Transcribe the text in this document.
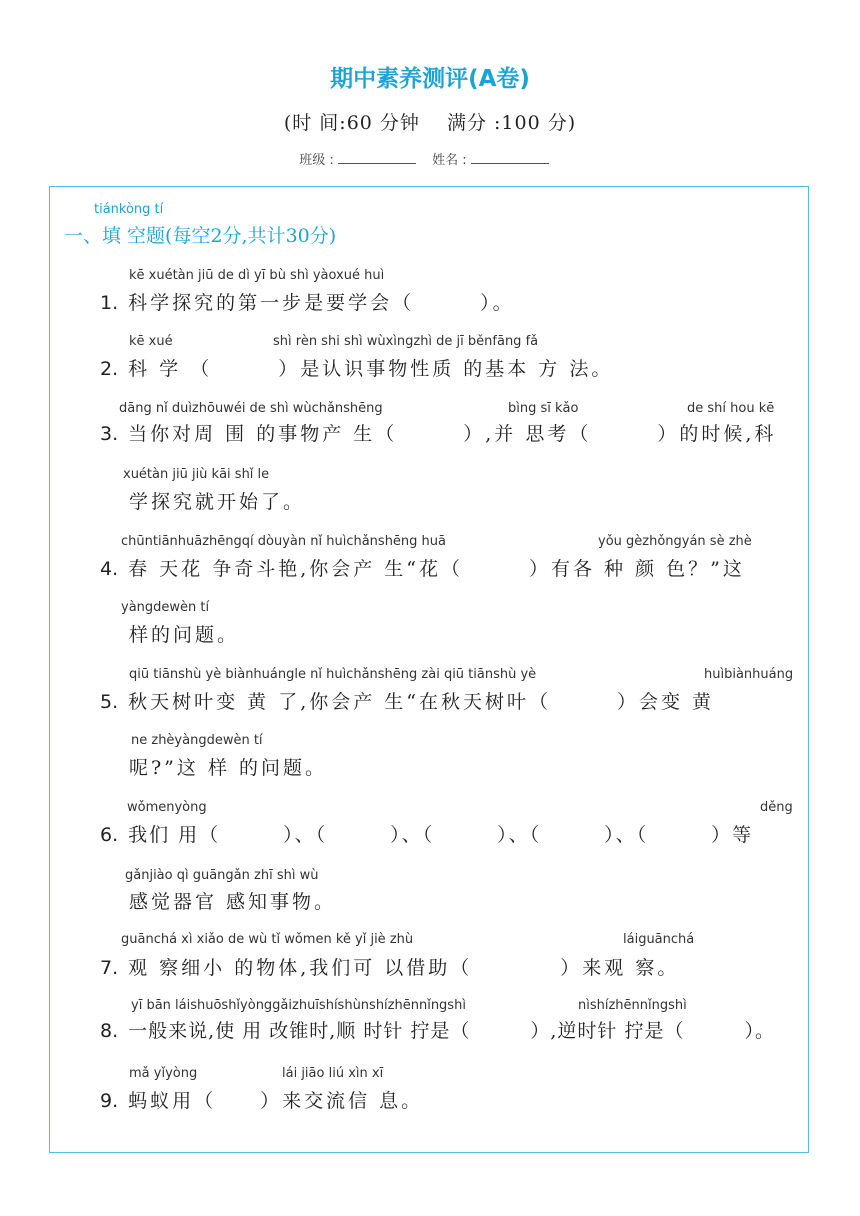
期中素养测评(A卷)
(时 间:60 分钟　 满分 :100 分)
班级 :	姓名 :
tiánkòng tí
一、填 空题(每空2分,共计30分)
kē xuétàn jiū de dì yī bù shì yàoxué huì
1. 科学探究的第一步是要学会（　　　）。
kē xué	shì rèn shi shì wùxìngzhì de jī běnfāng fǎ
2. 科 学 （　　　）是认识事物性质 的基本 方 法。
dāng nǐ duìzhōuwéi de shì wùchǎnshēng	bìng sī kǎo	de shí hou kē
3. 当你对周 围 的事物产 生（　　　）,并 思考（　　　）的时候,科
xuétàn jiū jiù kāi shǐ le
学探究就开始了。
chūntiānhuāzhēngqí dòuyàn nǐ huìchǎnshēng huā	yǒu gèzhǒngyán sè zhè
4. 春 天花 争奇斗艳,你会产 生“花（　　　）有各 种 颜 色？”这
yàngdewèn tí
样的问题。
qiū tiānshù yè biànhuángle nǐ huìchǎnshēng zài qiū tiānshù yè	huìbiànhuáng
5. 秋天树叶变 黄 了,你会产 生“在秋天树叶（　　　）会变 黄
ne zhèyàngdewèn tí
呢?”这 样 的问题。
wǒmenyòng	děng
6. 我们 用（　　　）、（　　　）、（　　　）、（　　　）、（　　　）等
gǎnjiào qì guāngǎn zhī shì wù
感觉器官 感知事物。
guānchá xì xiǎo de wù tǐ wǒmen kě yǐ jiè zhù	láiguānchá
7. 观 察细小 的物体,我们可 以借助（　　　　）来观 察。
yī bān láishuōshǐyònggǎizhuīshíshùnshízhēnnǐngshì	nìshízhēnnǐngshì
8. 一般来说,使 用 改锥时,顺 时针 拧是（　　　）,逆时针 拧是（　　　）。
mǎ yǐyòng	lái jiāo liú xìn xī
9. 蚂蚁用（　　）来交流信 息。
